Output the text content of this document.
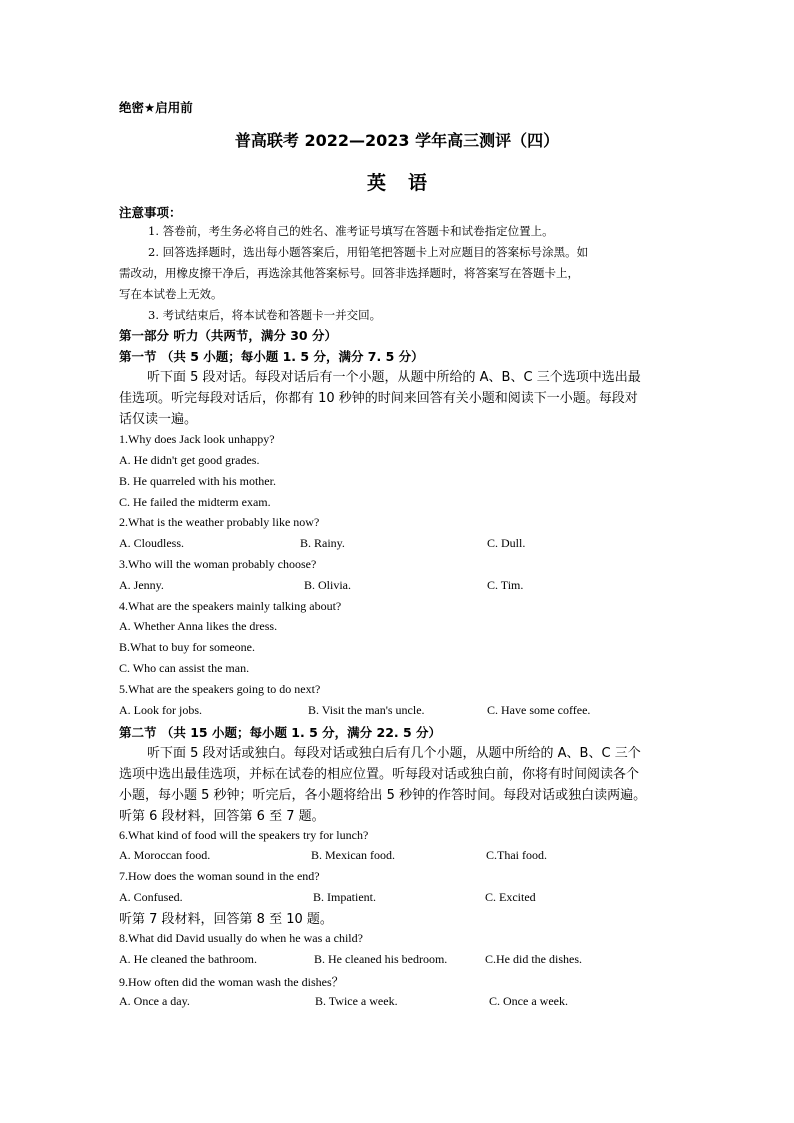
绝密★启用前
普高联考 2022—2023 学年高三测评（四）
英语
注意事项：
1. 答卷前，考生务必将自己的姓名、准考证号填写在答题卡和试卷指定位置上。
2. 回答选择题时，选出每小题答案后，用铅笔把答题卡上对应题目的答案标号涂黑。如
需改动，用橡皮擦干净后，再选涂其他答案标号。回答非选择题时，将答案写在答题卡上，
写在本试卷上无效。
3. 考试结束后，将本试卷和答题卡一并交回。
第一部分 听力（共两节，满分 30 分）
第一节 （共 5 小题；每小题 1. 5 分，满分 7. 5 分）
听下面 5 段对话。每段对话后有一个小题，从题中所给的 A、B、C 三个选项中选出最
佳选项。听完每段对话后，你都有 10 秒钟的时间来回答有关小题和阅读下一小题。每段对
话仅读一遍。
1.Why does Jack look unhappy?
A. He didn't get good grades.
B. He quarreled with his mother.
C. He failed the midterm exam.
2.What is the weather probably like now?
A. Cloudless.	B. Rainy.	C. Dull.
3.Who will the woman probably choose?
A. Jenny.	B. Olivia.	C. Tim.
4.What are the speakers mainly talking about?
A. Whether Anna likes the dress.
B.What to buy for someone.
C. Who can assist the man.
5.What are the speakers going to do next?
A. Look for jobs.	B. Visit the man's uncle.	C. Have some coffee.
第二节 （共 15 小题；每小题 1. 5 分，满分 22. 5 分）
听下面 5 段对话或独白。每段对话或独白后有几个小题，从题中所给的 A、B、C 三个
选项中选出最佳选项，并标在试卷的相应位置。听每段对话或独白前，你将有时间阅读各个
小题，每小题 5 秒钟；听完后，各小题将给出 5 秒钟的作答时间。每段对话或独白读两遍。
听第 6 段材料，回答第 6 至 7 题。
6.What kind of food will the speakers try for lunch?
A. Moroccan food.	B. Mexican food.	C.Thai food.
7.How does the woman sound in the end?
A. Confused.	B. Impatient.	C. Excited
听第 7 段材料，回答第 8 至 10 题。
8.What did David usually do when he was a child?
A. He cleaned the bathroom.	B. He cleaned his bedroom.	C.He did the dishes.
9.How often did the woman wash the dishes？
A. Once a day.	B. Twice a week.	C. Once a week.
